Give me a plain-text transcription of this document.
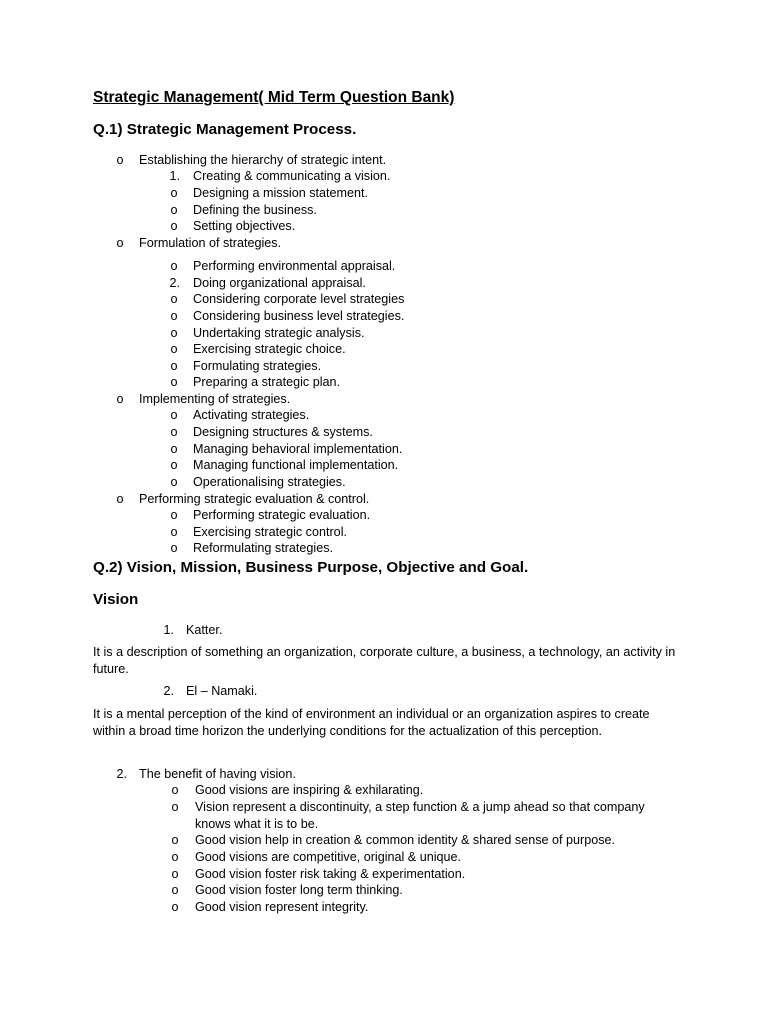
Strategic Management( Mid Term Question Bank)
Q.1) Strategic Management Process.
o Establishing the hierarchy of strategic intent.
1. Creating & communicating a vision.
o Designing a mission statement.
o Defining the business.
o Setting objectives.
o Formulation of strategies.
o Performing environmental appraisal.
2. Doing organizational appraisal.
o Considering corporate level strategies
o Considering business level strategies.
o Undertaking strategic analysis.
o Exercising strategic choice.
o Formulating strategies.
o Preparing a strategic plan.
o Implementing of strategies.
o Activating strategies.
o Designing structures & systems.
o Managing behavioral implementation.
o Managing functional implementation.
o Operationalising strategies.
o Performing strategic evaluation & control.
o Performing strategic evaluation.
o Exercising strategic control.
o Reformulating strategies.
Q.2) Vision, Mission, Business Purpose, Objective and Goal.
Vision
1. Katter.
It is a description of something an organization, corporate culture, a business, a technology, an activity in future.
2. El – Namaki.
It is a mental perception of the kind of environment an individual or an organization aspires to create within a broad time horizon the underlying conditions for the actualization of this perception.
2. The benefit of having vision.
o Good visions are inspiring & exhilarating.
o Vision represent a discontinuity, a step function & a jump ahead so that company knows what it is to be.
o Good vision help in creation & common identity & shared sense of purpose.
o Good visions are competitive, original & unique.
o Good vision foster risk taking & experimentation.
o Good vision foster long term thinking.
o Good vision represent integrity.
